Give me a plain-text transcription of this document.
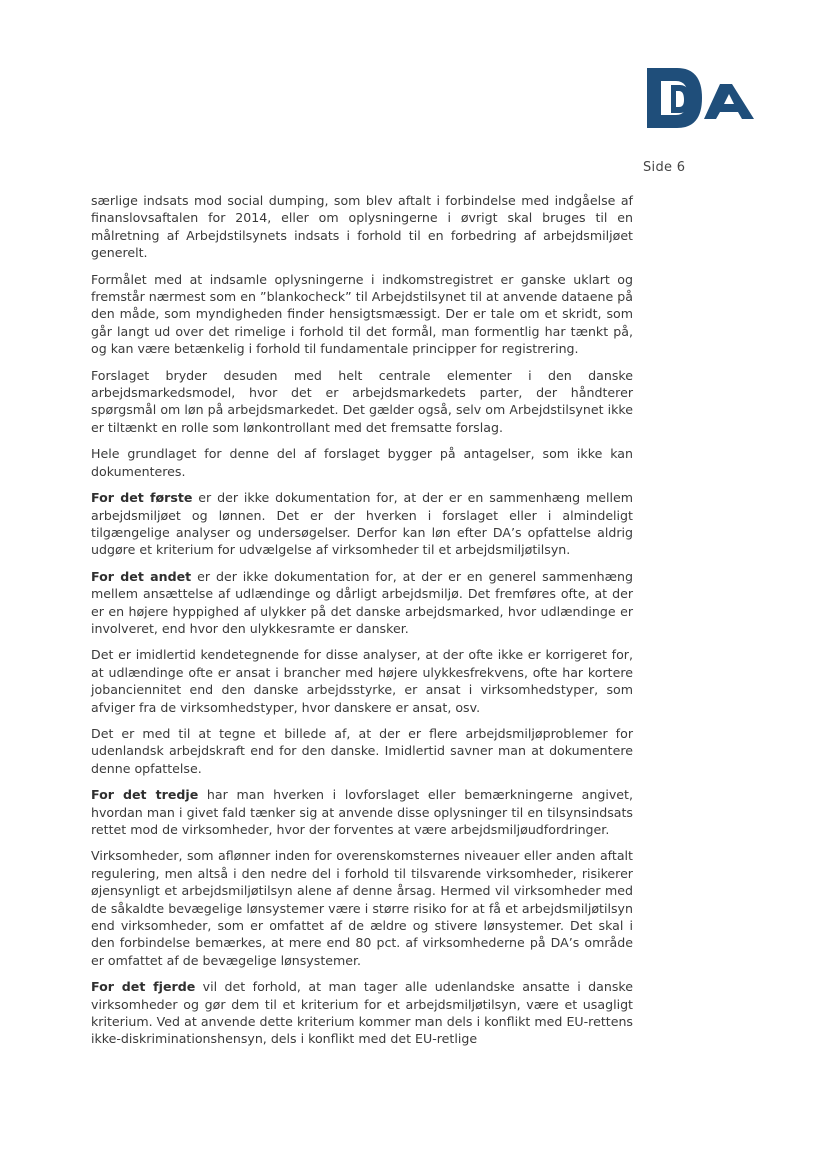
Side 6

særlige indsats mod social dumping, som blev aftalt i forbindelse med indgåelse af finanslovsaftalen for 2014, eller om oplysningerne i øvrigt skal bruges til en målretning af Arbejdstilsynets indsats i forhold til en forbedring af arbejdsmiljøet generelt.

Formålet med at indsamle oplysningerne i indkomstregistret er ganske uklart og fremstår nærmest som en ”blankocheck” til Arbejdstilsynet til at anvende dataene på den måde, som myndigheden finder hensigtsmæssigt. Der er tale om et skridt, som går langt ud over det rimelige i forhold til det formål, man formentlig har tænkt på, og kan være betænkelig i forhold til fundamentale principper for registrering.

Forslaget bryder desuden med helt centrale elementer i den danske arbejdsmarkedsmodel, hvor det er arbejdsmarkedets parter, der håndterer spørgsmål om løn på arbejdsmarkedet. Det gælder også, selv om Arbejdstilsynet ikke er tiltænkt en rolle som lønkontrollant med det fremsatte forslag.

Hele grundlaget for denne del af forslaget bygger på antagelser, som ikke kan dokumenteres.

For det første er der ikke dokumentation for, at der er en sammenhæng mellem arbejdsmiljøet og lønnen. Det er der hverken i forslaget eller i almindeligt tilgængelige analyser og undersøgelser. Derfor kan løn efter DA’s opfattelse aldrig udgøre et kriterium for udvælgelse af virksomheder til et arbejdsmiljøtilsyn.

For det andet er der ikke dokumentation for, at der er en generel sammenhæng mellem ansættelse af udlændinge og dårligt arbejdsmiljø. Det fremføres ofte, at der er en højere hyppighed af ulykker på det danske arbejdsmarked, hvor udlændinge er involveret, end hvor den ulykkesramte er dansker.

Det er imidlertid kendetegnende for disse analyser, at der ofte ikke er korrigeret for, at udlændinge ofte er ansat i brancher med højere ulykkesfrekvens, ofte har kortere jobanciennitet end den danske arbejdsstyrke, er ansat i virksomhedstyper, som afviger fra de virksomhedstyper, hvor danskere er ansat, osv.

Det er med til at tegne et billede af, at der er flere arbejdsmiljøproblemer for udenlandsk arbejdskraft end for den danske. Imidlertid savner man at dokumentere denne opfattelse.

For det tredje har man hverken i lovforslaget eller bemærkningerne angivet, hvordan man i givet fald tænker sig at anvende disse oplysninger til en tilsynsindsats rettet mod de virksomheder, hvor der forventes at være arbejdsmiljøudfordringer.

Virksomheder, som aflønner inden for overenskomsternes niveauer eller anden aftalt regulering, men altså i den nedre del i forhold til tilsvarende virksomheder, risikerer øjensynligt et arbejdsmiljøtilsyn alene af denne årsag. Hermed vil virksomheder med de såkaldte bevægelige lønsystemer være i større risiko for at få et arbejdsmiljøtilsyn end virksomheder, som er omfattet af de ældre og stivere lønsystemer. Det skal i den forbindelse bemærkes, at mere end 80 pct. af virksomhederne på DA’s område er omfattet af de bevægelige lønsystemer.

For det fjerde vil det forhold, at man tager alle udenlandske ansatte i danske virksomheder og gør dem til et kriterium for et arbejdsmiljøtilsyn, være et usagligt kriterium. Ved at anvende dette kriterium kommer man dels i konflikt med EU-rettens ikke-diskriminationshensyn, dels i konflikt med det EU-retlige
